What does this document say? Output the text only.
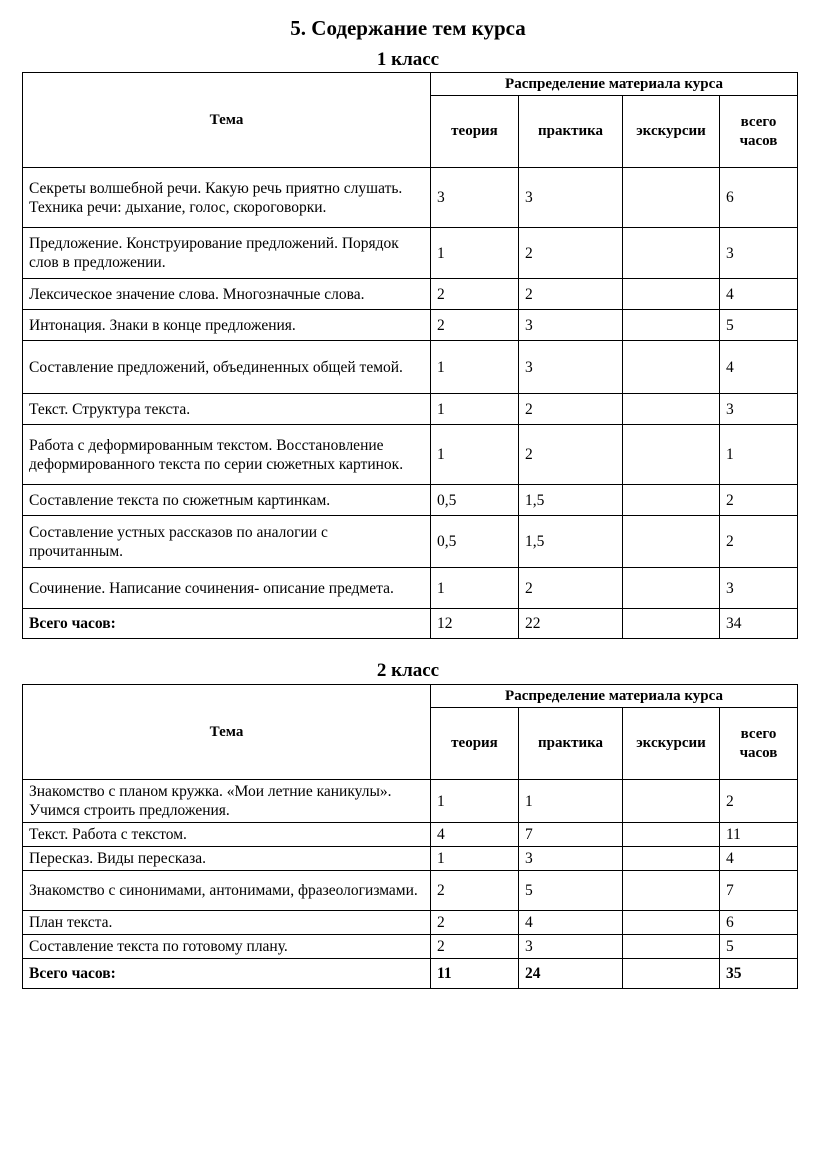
5. Содержание тем курса
1 класс
Тема	Распределение материала курса			
	теория	практика	экскурсии	всего часов
Секреты волшебной речи. Какую речь приятно слушать.
Техника речи: дыхание, голос, скороговорки.	3	3		6
Предложение. Конструирование предложений. Порядок слов в предложении.	1	2		3
Лексическое значение слова. Многозначные слова.	2	2		4
Интонация. Знаки в конце предложения.	2	3		5
Составление предложений, объединенных общей темой.	1	3		4
Текст. Структура текста.	1	2		3
Работа с деформированным текстом. Восстановление деформированного текста по серии сюжетных картинок.	1	2		1
Составление текста по сюжетным картинкам.	0,5	1,5		2
Составление устных рассказов по аналогии с прочитанным.	0,5	1,5		2
Сочинение. Написание сочинения- описание предмета.	1	2		3
Всего часов:	12	22		34
2 класс
Тема	Распределение материала курса			
	теория	практика	экскурсии	всего часов
Знакомство с планом кружка. «Мои летние каникулы». Учимся строить предложения.	1	1		2
Текст. Работа с текстом.	4	7		11
Пересказ. Виды пересказа.	1	3		4
Знакомство с синонимами, антонимами, фразеологизмами.	2	5		7
План текста.	2	4		6
Составление текста по готовому плану.	2	3		5
Всего часов:	11	24		35
